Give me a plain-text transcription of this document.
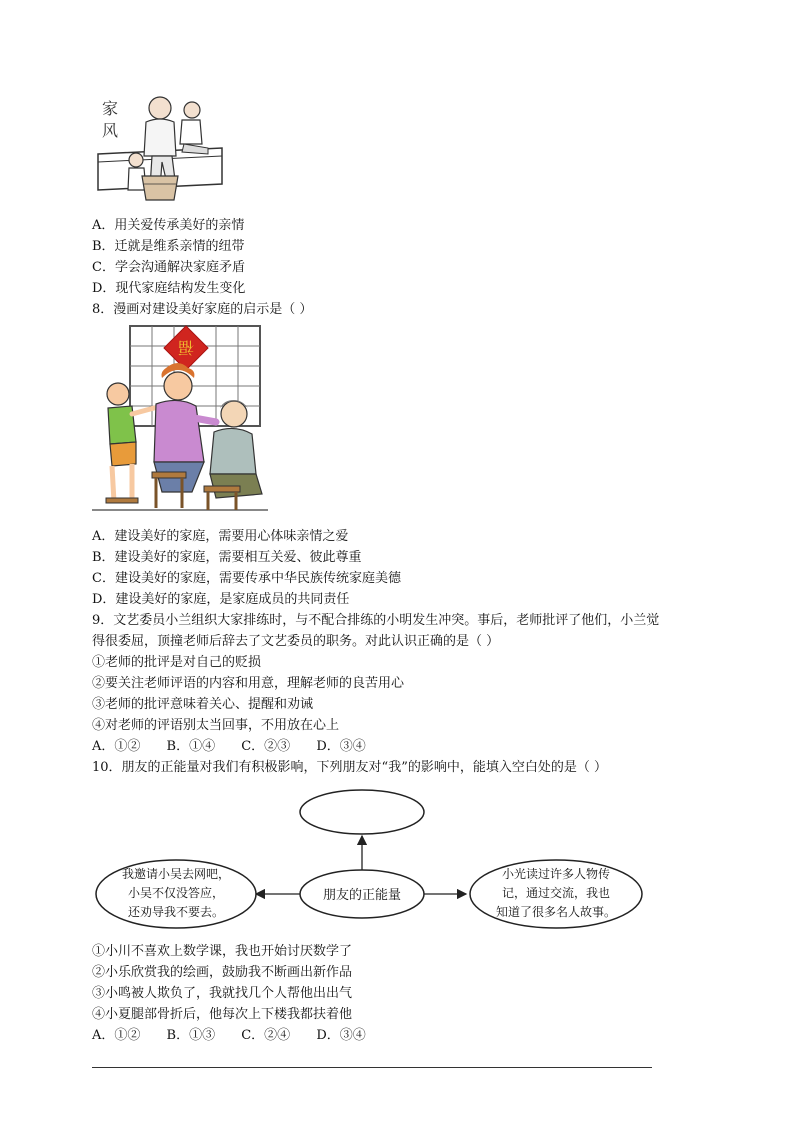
家
风
A．用关爱传承美好的亲情
B．迁就是维系亲情的纽带
C．学会沟通解决家庭矛盾
D．现代家庭结构发生变化
8．漫画对建设美好家庭的启示是（ ）
福
A．建设美好的家庭，需要用心体味亲情之爱
B．建设美好的家庭，需要相互关爱、彼此尊重
C．建设美好的家庭，需要传承中华民族传统家庭美德
D．建设美好的家庭，是家庭成员的共同责任
9．文艺委员小兰组织大家排练时，与不配合排练的小明发生冲突。事后，老师批评了他们，小兰觉
得很委屈，顶撞老师后辞去了文艺委员的职务。对此认识正确的是（ ）
①老师的批评是对自己的贬损
②要关注老师评语的内容和用意，理解老师的良苦用心
③老师的批评意味着关心、提醒和劝诫
④对老师的评语别太当回事，不用放在心上
A．①② B．①④ C．②③ D．③④
10．朋友的正能量对我们有积极影响，下列朋友对“我”的影响中，能填入空白处的是（ ）
朋友的正能量
我邀请小吴去网吧，
小吴不仅没答应，
还劝导我不要去。
小光读过许多人物传
记，通过交流，我也
知道了很多名人故事。
①小川不喜欢上数学课，我也开始讨厌数学了
②小乐欣赏我的绘画，鼓励我不断画出新作品
③小鸣被人欺负了，我就找几个人帮他出出气
④小夏腿部骨折后，他每次上下楼我都扶着他
A．①② B．①③ C．②④ D．③④
